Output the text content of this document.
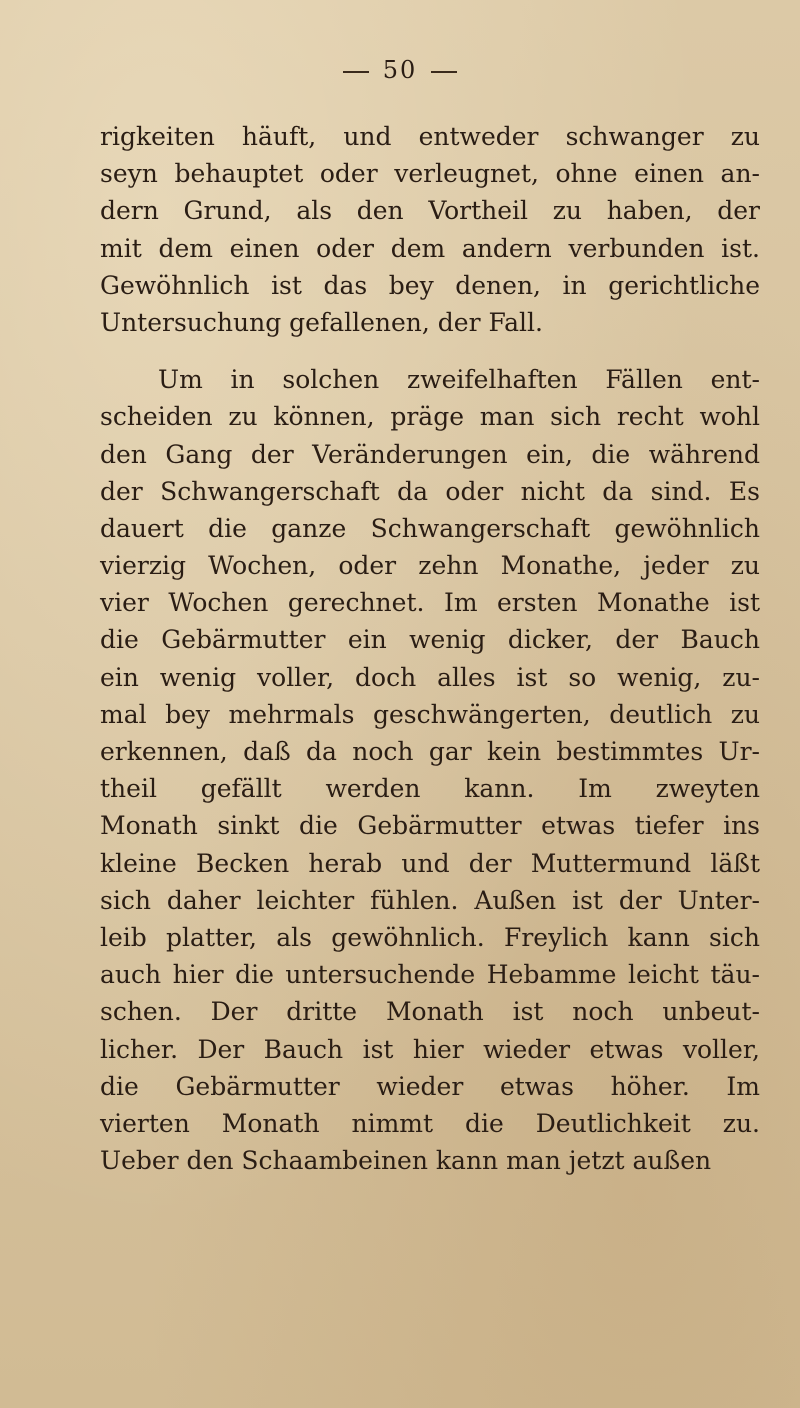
50
rigkeiten häuft, und entweder schwanger zu
seyn behauptet oder verleugnet, ohne einen an-
dern Grund, als den Vortheil zu haben, der
mit dem einen oder dem andern verbunden ist.
Gewöhnlich ist das bey denen, in gerichtliche
Untersuchung gefallenen, der Fall.
Um in solchen zweifelhaften Fällen ent-
scheiden zu können, präge man sich recht wohl
den Gang der Veränderungen ein, die während
der Schwangerschaft da oder nicht da sind. Es
dauert die ganze Schwangerschaft gewöhnlich
vierzig Wochen, oder zehn Monathe, jeder zu
vier Wochen gerechnet. Im ersten Monathe ist
die Gebärmutter ein wenig dicker, der Bauch
ein wenig voller, doch alles ist so wenig, zu-
mal bey mehrmals geschwängerten, deutlich zu
erkennen, daß da noch gar kein bestimmtes Ur-
theil gefällt werden kann. Im zweyten
Monath sinkt die Gebärmutter etwas tiefer ins
kleine Becken herab und der Muttermund läßt
sich daher leichter fühlen. Außen ist der Unter-
leib platter, als gewöhnlich. Freylich kann sich
auch hier die untersuchende Hebamme leicht täu-
schen. Der dritte Monath ist noch unbeut-
licher. Der Bauch ist hier wieder etwas voller,
die Gebärmutter wieder etwas höher. Im
vierten Monath nimmt die Deutlichkeit zu.
Ueber den Schaambeinen kann man jetzt außen
